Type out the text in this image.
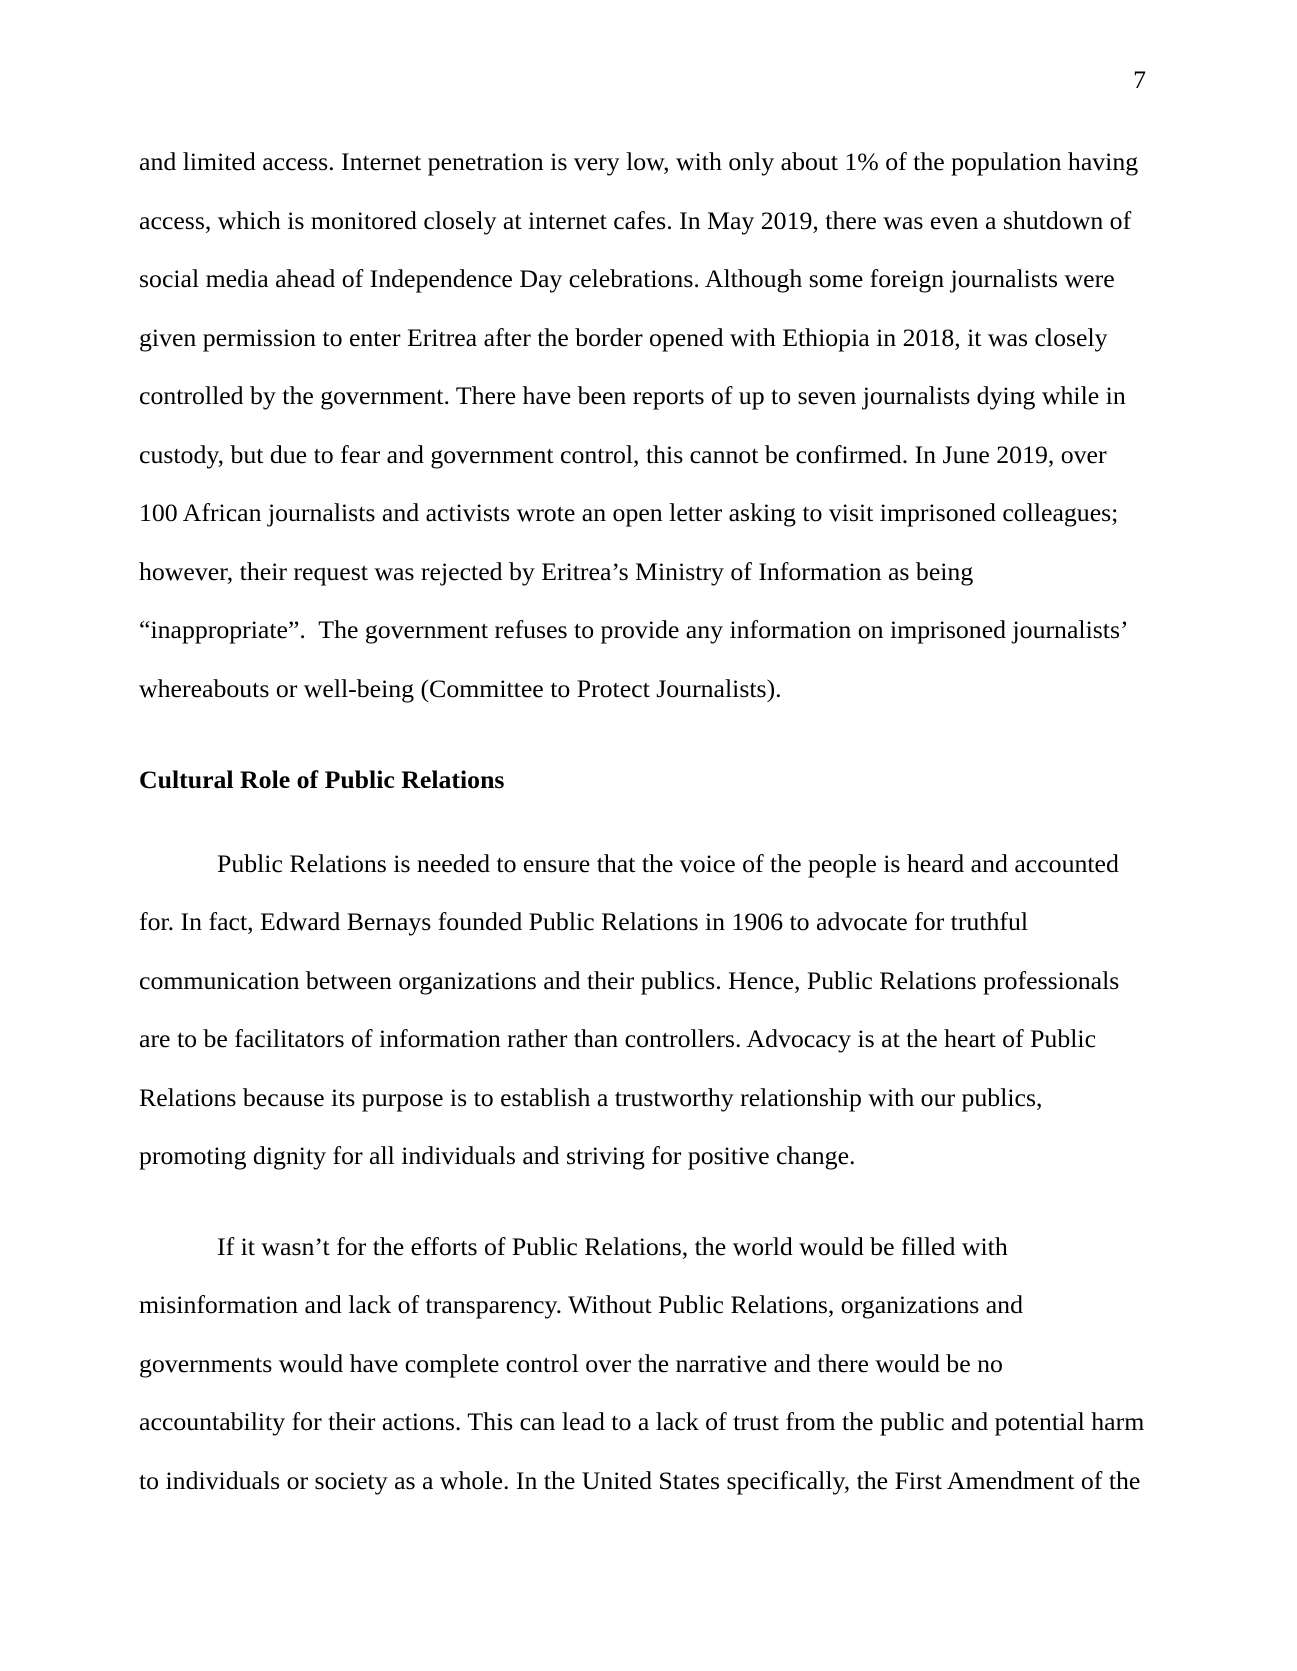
7
and limited access. Internet penetration is very low, with only about 1% of the population having
access, which is monitored closely at internet cafes. In May 2019, there was even a shutdown of
social media ahead of Independence Day celebrations. Although some foreign journalists were
given permission to enter Eritrea after the border opened with Ethiopia in 2018, it was closely
controlled by the government. There have been reports of up to seven journalists dying while in
custody, but due to fear and government control, this cannot be confirmed. In June 2019, over
100 African journalists and activists wrote an open letter asking to visit imprisoned colleagues;
however, their request was rejected by Eritrea’s Ministry of Information as being
“inappropriate”.  The government refuses to provide any information on imprisoned journalists’
whereabouts or well-being (Committee to Protect Journalists).
Cultural Role of Public Relations
Public Relations is needed to ensure that the voice of the people is heard and accounted
for. In fact, Edward Bernays founded Public Relations in 1906 to advocate for truthful
communication between organizations and their publics. Hence, Public Relations professionals
are to be facilitators of information rather than controllers. Advocacy is at the heart of Public
Relations because its purpose is to establish a trustworthy relationship with our publics,
promoting dignity for all individuals and striving for positive change.
If it wasn’t for the efforts of Public Relations, the world would be filled with
misinformation and lack of transparency. Without Public Relations, organizations and
governments would have complete control over the narrative and there would be no
accountability for their actions. This can lead to a lack of trust from the public and potential harm
to individuals or society as a whole. In the United States specifically, the First Amendment of the
